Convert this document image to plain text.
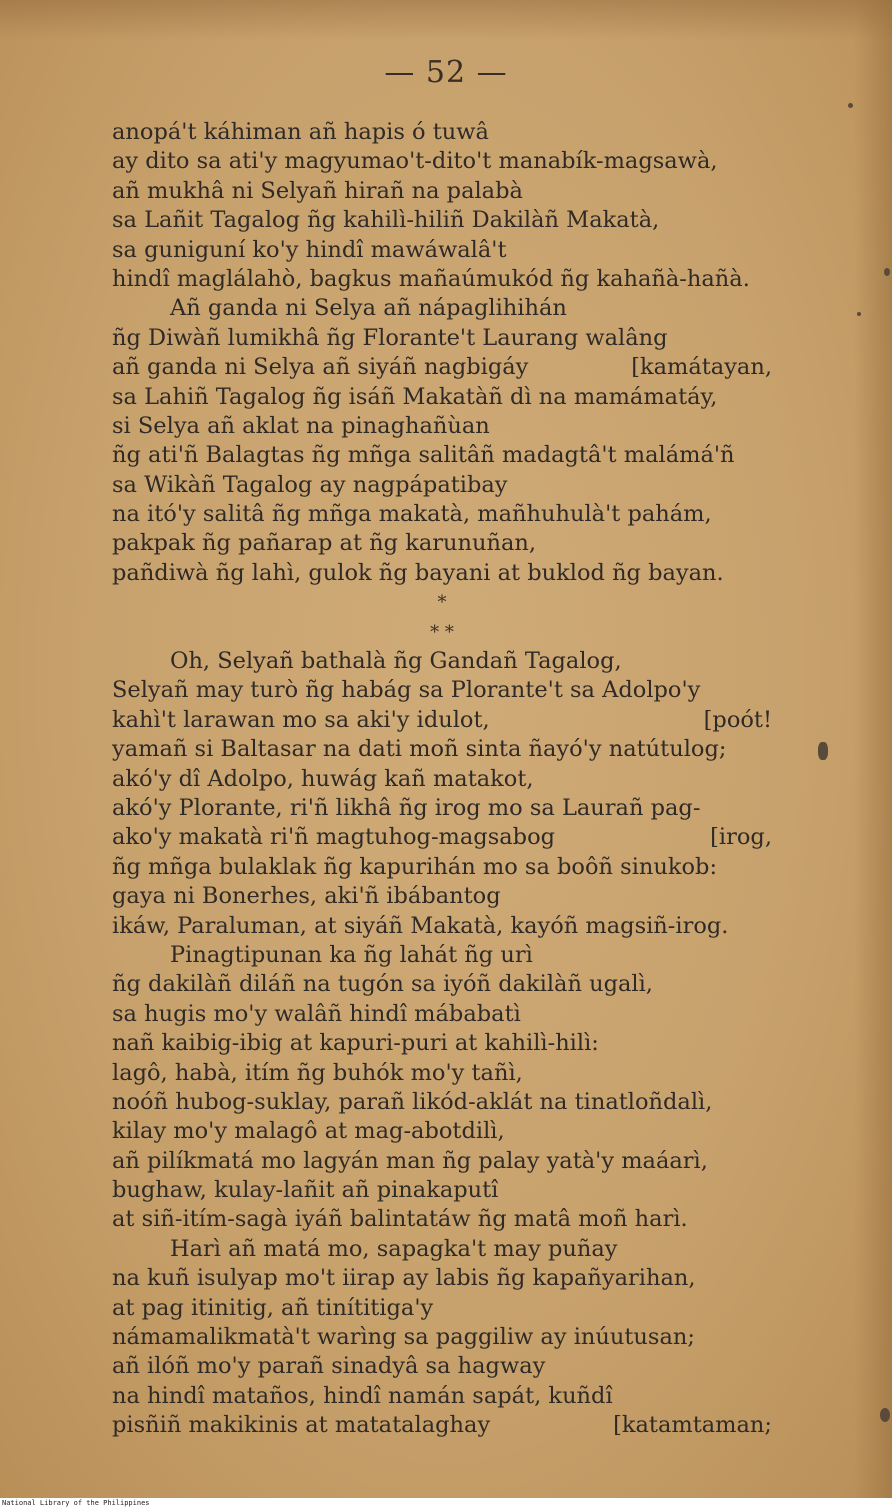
— 52 —
anopá't káhiman añ hapis ó tuwâ
ay dito sa ati'y magyumao't-dito't manabík-magsawà,
añ mukhâ ni Selyañ hirañ na palabà
sa Lañit Tagalog ñg kahilì-hiliñ Dakilàñ Makatà,
sa guniguní ko'y hindî mawáwalâ't
hindî maglálahò, bagkus mañaúmukód ñg kahañà-hañà.
Añ ganda ni Selya añ nápaglihihán
ñg Diwàñ lumikhâ ñg Florante't Laurang walâng
añ ganda ni Selya añ siyáñ nagbigáy	[kamátayan,
sa Lahiñ Tagalog ñg isáñ Makatàñ dì na mamámatáy,
si Selya añ aklat na pinaghañùan
ñg ati'ñ Balagtas ñg mñga salitâñ madagtâ't malámá'ñ
sa Wikàñ Tagalog ay nagpápatibay
na itó'y salitâ ñg mñga makatà, mañhuhulà't pahám,
pakpak ñg pañarap at ñg karunuñan,
pañdiwà ñg lahì, gulok ñg bayani at buklod ñg bayan.
*
* *
Oh, Selyañ bathalà ñg Gandañ Tagalog,
Selyañ may turò ñg habág sa Plorante't sa Adolpo'y
kahì't larawan mo sa aki'y idulot,	[poót!
yamañ si Baltasar na dati moñ sinta ñayó'y natútulog;
akó'y dî Adolpo, huwág kañ matakot,
akó'y Plorante, ri'ñ likhâ ñg irog mo sa Laurañ pag-
ako'y makatà ri'ñ magtuhog-magsabog	[irog,
ñg mñga bulaklak ñg kapurihán mo sa boôñ sinukob:
gaya ni Bonerhes, aki'ñ ibábantog
ikáw, Paraluman, at siyáñ Makatà, kayóñ magsiñ-irog.
Pinagtipunan ka ñg lahát ñg urì
ñg dakilàñ diláñ na tugón sa iyóñ dakilàñ ugalì,
sa hugis mo'y walâñ hindî mábabatì
nañ kaibig-ibig at kapuri-puri at kahilì-hilì:
lagô, habà, itím ñg buhók mo'y tañì,
noóñ hubog-suklay, parañ likód-aklát na tinatloñdalì,
kilay mo'y malagô at mag-abotdilì,
añ pilíkmatá mo lagyán man ñg palay yatà'y maáarì,
bughaw, kulay-lañit añ pinakaputî
at siñ-itím-sagà iyáñ balintatáw ñg matâ moñ harì.
Harì añ matá mo, sapagka't may puñay
na kuñ isulyap mo't iirap ay labis ñg kapañyarihan,
at pag itinitig, añ tinítitiga'y
námamalikmatà't warìng sa paggiliw ay inúutusan;
añ ilóñ mo'y parañ sinadyâ sa hagway
na hindî mataños, hindî namán sapát, kuñdî
pisñiñ makikinis at matatalaghay	[katamtaman;
National Library of the Philippines
